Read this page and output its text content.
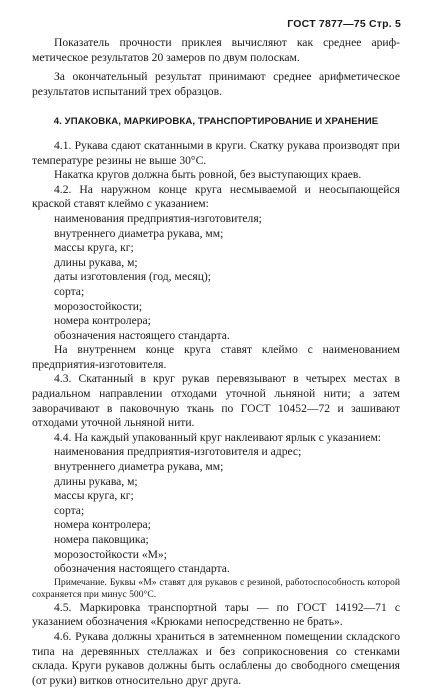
ГОСТ 7877—75 Стр. 5

Показатель прочности приклея вычисляют как среднее арифметическое результатов 20 замеров по двум полоскам.

За окончательный результат принимают среднее арифметическое результатов испытаний трех образцов.

4. УПАКОВКА, МАРКИРОВКА, ТРАНСПОРТИРОВАНИЕ И ХРАНЕНИЕ

4.1. Рукава сдают скатанными в круги. Скатку рукава производят при температуре резины не выше 30°С.

Накатка кругов должна быть ровной, без выступающих краев.

4.2. На наружном конце круга несмываемой и неосыпающейся краской ставят клеймо с указанием:

наименования предприятия-изготовителя;

внутреннего диаметра рукава, мм;

массы круга, кг;

длины рукава, м;

даты изготовления (год, месяц);

сорта;

морозостойкости;

номера контролера;

обозначения настоящего стандарта.

На внутреннем конце круга ставят клеймо с наименованием предприятия-изготовителя.

4.3. Скатанный в круг рукав перевязывают в четырех местах в радиальном направлении отходами уточной льняной нити; а затем заворачивают в паковочную ткань по ГОСТ 10452—72 и зашивают отходами уточной льняной нити.

4.4. На каждый упакованный круг наклеивают ярлык с указанием:

наименования предприятия-изготовителя и адрес;

внутреннего диаметра рукава, мм;

длины рукава, м;

массы круга, кг;

сорта;

номера контролера;

номера паковщика;

морозостойкости «М»;

обозначения настоящего стандарта.

Примечание. Буквы «М» ставят для рукавов с резиной, работоспособность которой сохраняется при минус 500°С.

4.5. Маркировка транспортной тары — по ГОСТ 14192—71 с указанием обозначения «Крюками непосредственно не брать».

4.6. Рукава должны храниться в затемненном помещении складского типа на деревянных стеллажах и без соприкосновения со стенками склада. Круги рукавов должны быть ослаблены до свободного смещения (от руки) витков относительно друг друга.
